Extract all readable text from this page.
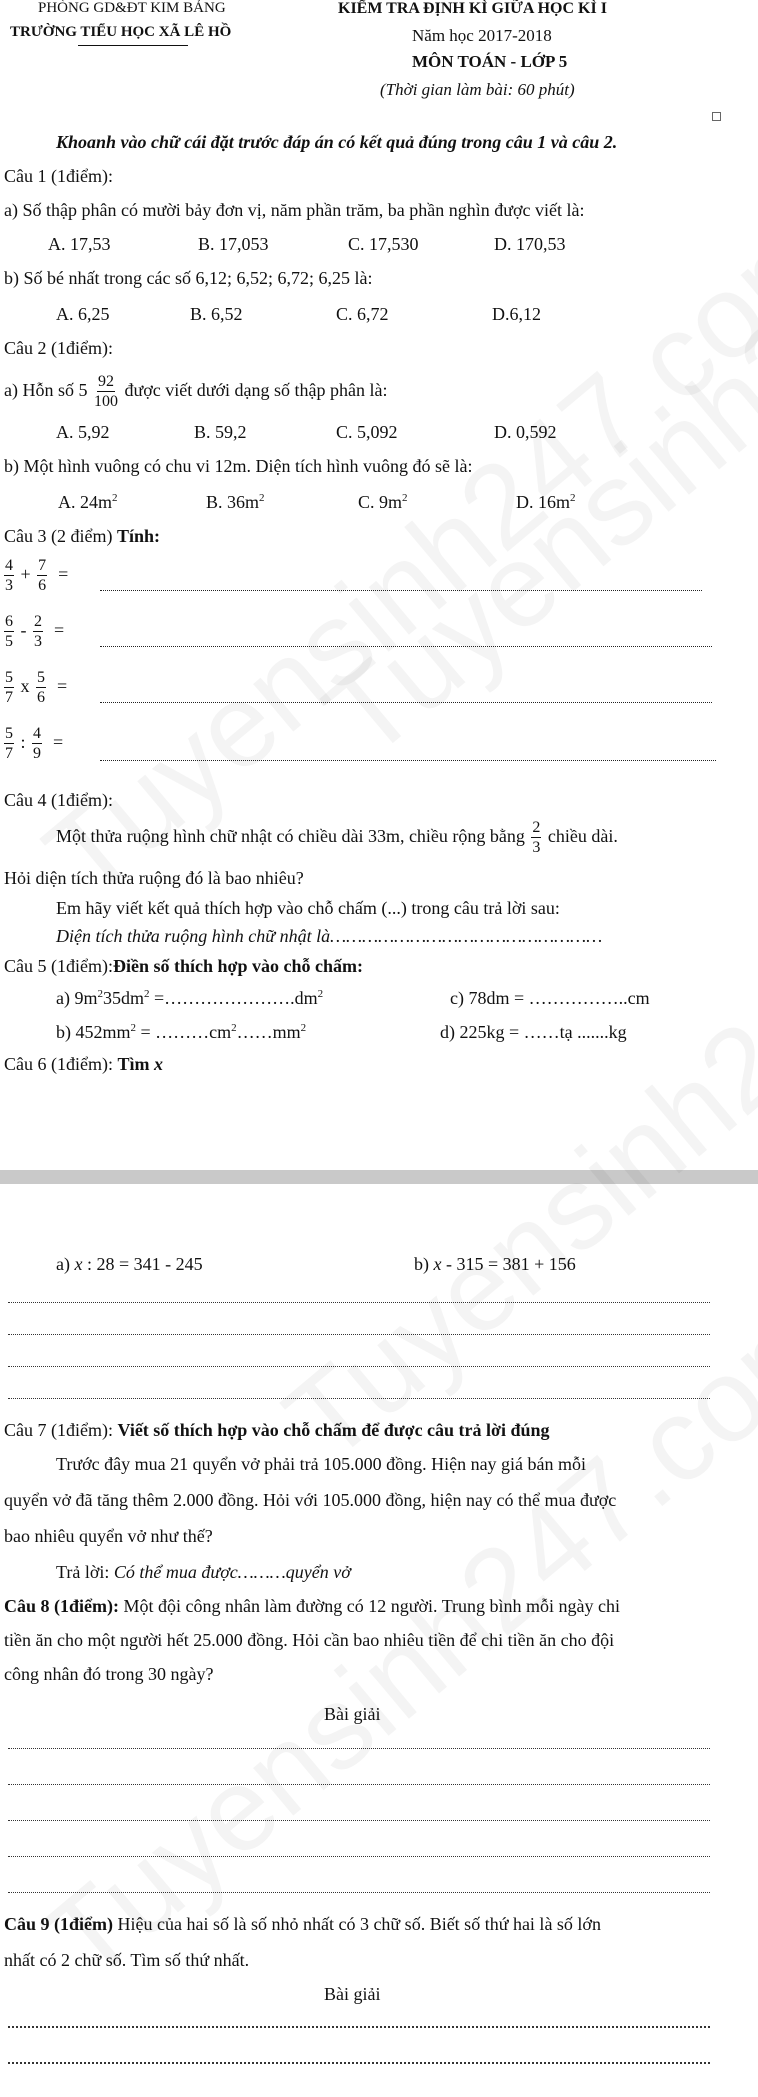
PHÒNG GD&ĐT KIM BẢNG
TRƯỜNG TIỂU HỌC XÃ LÊ HỒ
KIỂM TRA ĐỊNH KÌ GIỮA HỌC KÌ I
Năm học 2017-2018
MÔN TOÁN - LỚP 5
(Thời gian làm bài: 60 phút)
Khoanh vào chữ cái đặt trước đáp án có kết quả đúng trong câu 1 và câu 2.
Câu 1 (1điểm):
a) Số thập phân có mười bảy đơn vị, năm phần trăm, ba phần nghìn được viết là:
A. 17,53	B. 17,053	C. 17,530	D. 170,53
b) Số bé nhất trong các số 6,12; 6,52; 6,72; 6,25 là:
A. 6,25	B. 6,52	C. 6,72	D.6,12
Câu 2 (1điểm):
a) Hỗn số $5 \frac{92}{100}$ được viết dưới dạng số thập phân là:
A. 5,92	B. 59,2	C. 5,092	D. 0,592
b) Một hình vuông có chu vi 12m. Diện tích hình vuông đó sẽ là:
A. $24m^2$	B. $36m^2$	C. $9m^2$	D. $16m^2$
Câu 3 (2 điểm) Tính:
$\frac{4}{3} + \frac{7}{6}$ =
$\frac{6}{5} - \frac{2}{3}$ =
$\frac{5}{7}$ x $\frac{5}{6}$ =
$\frac{5}{7}$ : $\frac{4}{9}$ =
Câu 4 (1điểm):
Một thửa ruộng hình chữ nhật có chiều dài 33m, chiều rộng bằng $\frac{2}{3}$ chiều dài.
Hỏi diện tích thửa ruộng đó là bao nhiêu?
Em hãy viết kết quả thích hợp vào chỗ chấm (...) trong câu trả lời sau:
Diện tích thửa ruộng hình chữ nhật là……………………………………………
Câu 5 (1điểm):Điền số thích hợp vào chỗ chấm:
a) $9m^235dm^2$ $=\dots\dots\dots\dots\dots\dots\dots.dm^2$	c) 78dm = ……………..cm
b) $452mm^2$ = $\dots\dots\dots cm^2\dots\dots mm^2$	d) 225kg = ……tạ .......kg
Câu 6 (1điểm): Tìm x
a) x : 28 = 341 - 245	b) x - 315 = 381 + 156
Câu 7 (1điểm): Viết số thích hợp vào chỗ chấm để được câu trả lời đúng
Trước đây mua 21 quyển vở phải trả 105.000 đồng. Hiện nay giá bán mỗi
quyển vở đã tăng thêm 2.000 đồng. Hỏi với 105.000 đồng, hiện nay có thể mua được
bao nhiêu quyển vở như thế?
Trả lời: Có thể mua được………quyển vở
Câu 8 (1điểm): Một đội công nhân làm đường có 12 người. Trung bình mỗi ngày chi
tiền ăn cho một người hết 25.000 đồng. Hỏi cần bao nhiêu tiền để chi tiền ăn cho đội
công nhân đó trong 30 ngày?
Bài giải
Câu 9 (1điểm) Hiệu của hai số là số nhỏ nhất có 3 chữ số. Biết số thứ hai là số lớn
nhất có 2 chữ số. Tìm số thứ nhất.
Bài giải
